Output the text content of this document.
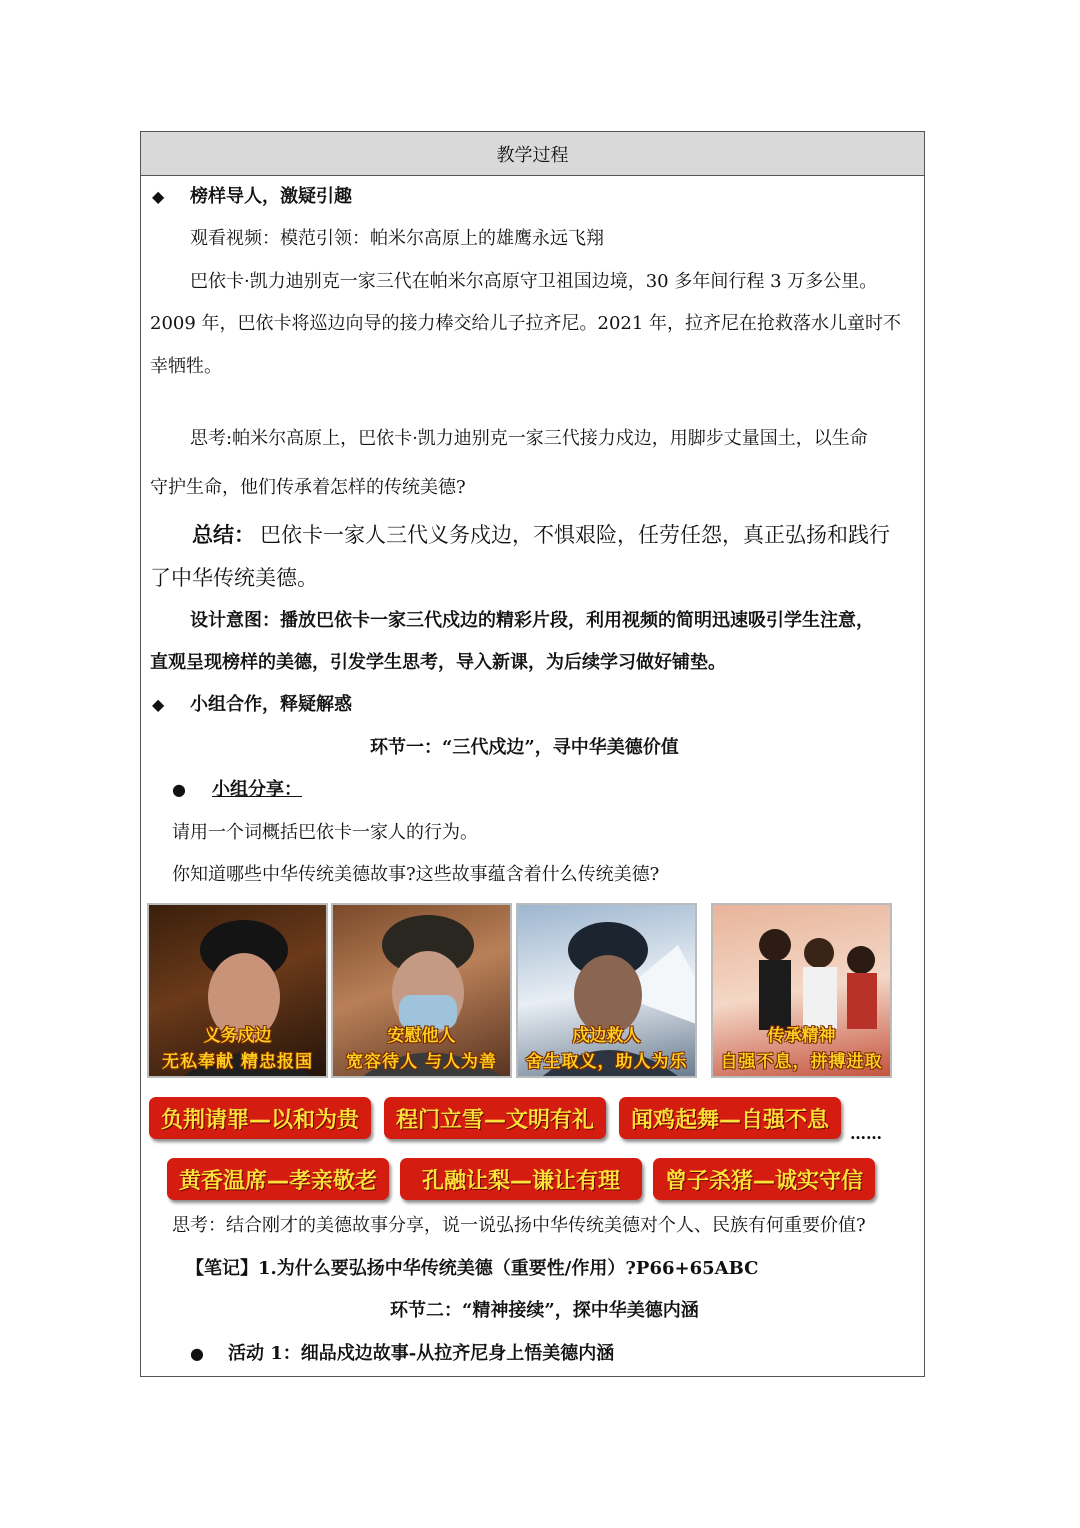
教学过程
◆ 榜样导人，激疑引趣
观看视频：模范引领：帕米尔高原上的雄鹰永远飞翔
巴依卡·凯力迪别克一家三代在帕米尔高原守卫祖国边境，30 多年间行程 3 万多公里。
2009 年，巴依卡将巡边向导的接力棒交给儿子拉齐尼。2021 年，拉齐尼在抢救落水儿童时不
幸牺牲。
思考:帕米尔高原上，巴依卡·凯力迪别克一家三代接力戍边，用脚步丈量国土，以生命
守护生命，他们传承着怎样的传统美德?
总结： 巴依卡一家人三代义务戍边，不惧艰险，任劳任怨，真正弘扬和践行
了中华传统美德。
设计意图：播放巴依卡一家三代戍边的精彩片段，利用视频的简明迅速吸引学生注意，
直观呈现榜样的美德，引发学生思考，导入新课，为后续学习做好铺垫。
◆ 小组合作，释疑解惑
环节一：“三代戍边”，寻中华美德价值
● 小组分享：
请用一个词概括巴依卡一家人的行为。
你知道哪些中华传统美德故事?这些故事蕴含着什么传统美德?
义务戍边
无私奉献 精忠报国
安慰他人
宽容待人 与人为善
戍边救人
舍生取义，助人为乐
传承精神
自强不息，拼搏进取
负荆请罪—以和为贵	程门立雪—文明有礼	闻鸡起舞—自强不息
……
黄香温席—孝亲敬老	孔融让梨—谦让有理	曾子杀猪—诚实守信
思考：结合刚才的美德故事分享，说一说弘扬中华传统美德对个人、民族有何重要价值?
【笔记】1.为什么要弘扬中华传统美德（重要性/作用）?P66+65ABC
环节二：“精神接续”，探中华美德内涵
● 活动 1：细品戍边故事-从拉齐尼身上悟美德内涵
